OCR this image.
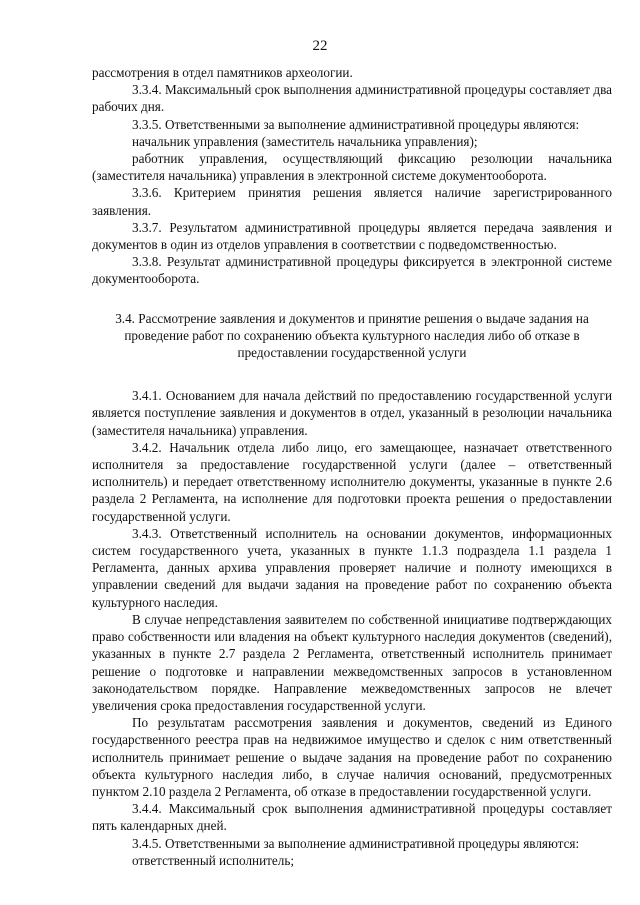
22

рассмотрения в отдел памятников археологии.

3.3.4. Максимальный срок выполнения административной процедуры составляет два рабочих дня.

3.3.5. Ответственными за выполнение административной процедуры являются:

начальник управления (заместитель начальника управления);

работник управления, осуществляющий фиксацию резолюции начальника (заместителя начальника) управления в электронной системе документооборота.

3.3.6. Критерием принятия решения является наличие зарегистрированного заявления.

3.3.7. Результатом административной процедуры является передача заявления и документов в один из отделов управления в соответствии с подведомственностью.

3.3.8. Результат административной процедуры фиксируется в электронной системе документооборота.

3.4. Рассмотрение заявления и документов и принятие решения о выдаче задания на проведение работ по сохранению объекта культурного наследия либо об отказе в предоставлении государственной услуги

3.4.1. Основанием для начала действий по предоставлению государственной услуги является поступление заявления и документов в отдел, указанный в резолюции начальника (заместителя начальника) управления.

3.4.2. Начальник отдела либо лицо, его замещающее, назначает ответственного исполнителя за предоставление государственной услуги (далее – ответственный исполнитель) и передает ответственному исполнителю документы, указанные в пункте 2.6 раздела 2 Регламента, на исполнение для подготовки проекта решения о предоставлении государственной услуги.

3.4.3. Ответственный исполнитель на основании документов, информационных систем государственного учета, указанных в пункте 1.1.3 подраздела 1.1 раздела 1 Регламента, данных архива управления проверяет наличие и полноту имеющихся в управлении сведений для выдачи задания на проведение работ по сохранению объекта культурного наследия.

В случае непредставления заявителем по собственной инициативе подтверждающих право собственности или владения на объект культурного наследия документов (сведений), указанных в пункте 2.7 раздела 2 Регламента, ответственный исполнитель принимает решение о подготовке и направлении межведомственных запросов в установленном законодательством порядке. Направление межведомственных запросов не влечет увеличения срока предоставления государственной услуги.

По результатам рассмотрения заявления и документов, сведений из Единого государственного реестра прав на недвижимое имущество и сделок с ним ответственный исполнитель принимает решение о выдаче задания на проведение работ по сохранению объекта культурного наследия либо, в случае наличия оснований, предусмотренных пунктом 2.10 раздела 2 Регламента, об отказе в предоставлении государственной услуги.

3.4.4. Максимальный срок выполнения административной процедуры составляет пять календарных дней.

3.4.5. Ответственными за выполнение административной процедуры являются:

ответственный исполнитель;
